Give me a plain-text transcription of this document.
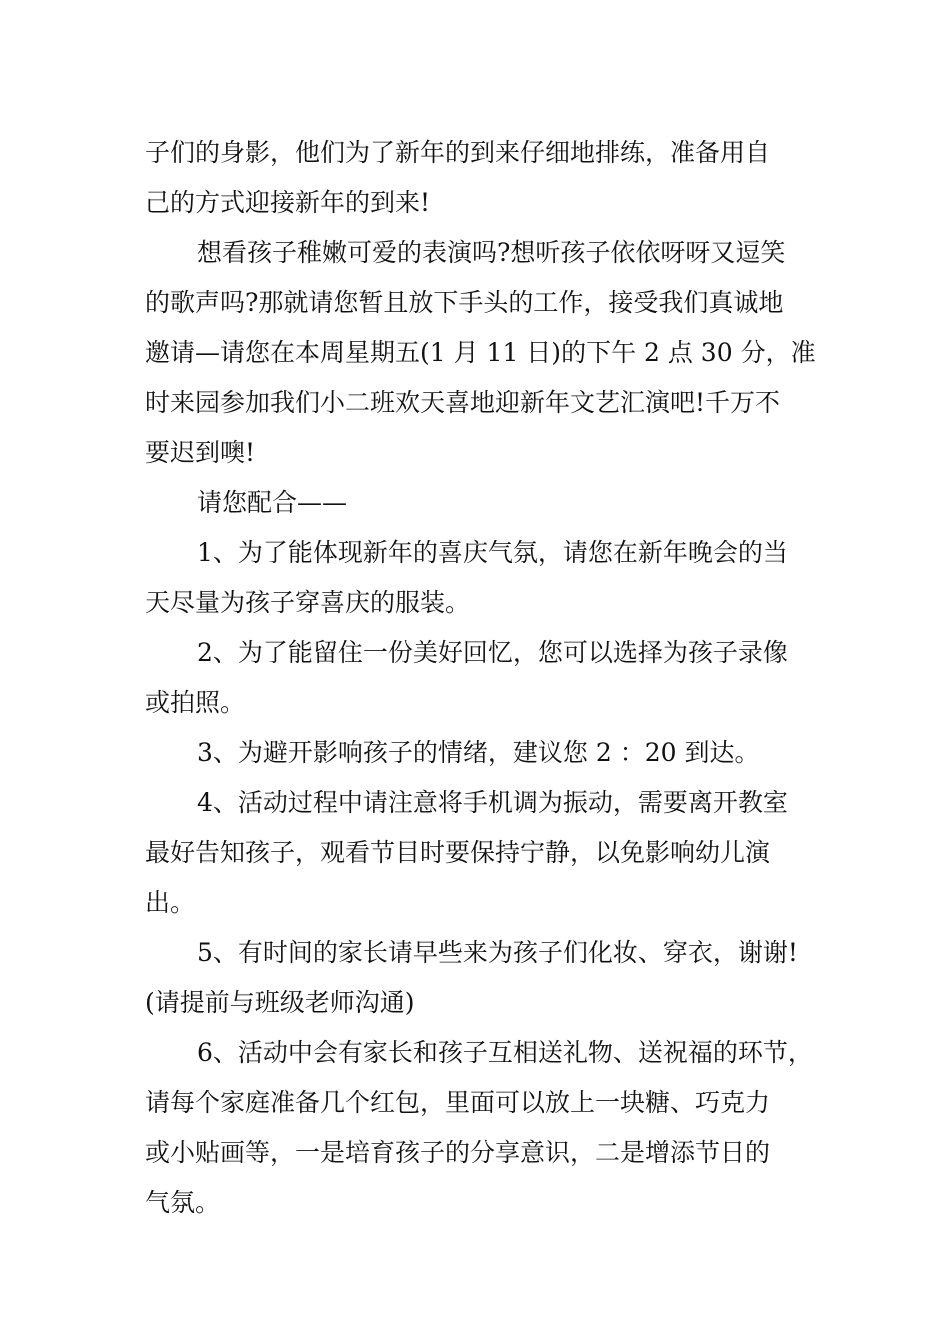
子们的身影，他们为了新年的到来仔细地排练，准备用自
己的方式迎接新年的到来!
想看孩子稚嫩可爱的表演吗?想听孩子依依呀呀又逗笑
的歌声吗?那就请您暂且放下手头的工作，接受我们真诚地
邀请—请您在本周星期五(1 月 11 日)的下午 2 点 30 分，准
时来园参加我们小二班欢天喜地迎新年文艺汇演吧!千万不
要迟到噢!
请您配合——
1、为了能体现新年的喜庆气氛，请您在新年晚会的当
天尽量为孩子穿喜庆的服装。
2、为了能留住一份美好回忆，您可以选择为孩子录像
或拍照。
3、为避开影响孩子的情绪，建议您 2 ：20 到达。
4、活动过程中请注意将手机调为振动，需要离开教室
最好告知孩子，观看节目时要保持宁静，以免影响幼儿演
出。
5、有时间的家长请早些来为孩子们化妆、穿衣，谢谢!
(请提前与班级老师沟通)
6、活动中会有家长和孩子互相送礼物、送祝福的环节，
请每个家庭准备几个红包，里面可以放上一块糖、巧克力
或小贴画等，一是培育孩子的分享意识，二是增添节日的
气氛。
